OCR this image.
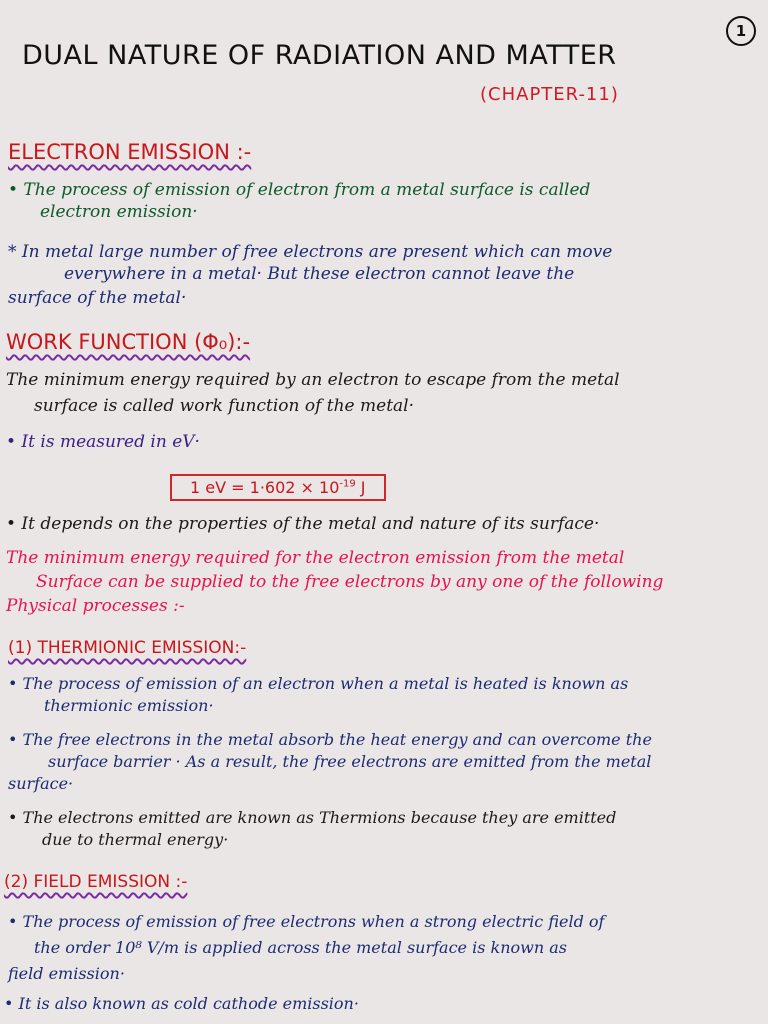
DUAL NATURE OF RADIATION AND MATTER
(CHAPTER-11)
1
ELECTRON EMISSION :-
• The process of emission of electron from a metal surface is called
electron emission·
* In metal large number of free electrons are present which can move
everywhere in a metal· But these electron cannot leave the
surface of the metal·
WORK FUNCTION (Φ₀):-
The minimum energy required by an electron to escape from the metal
surface is called work function of the metal·
• It is measured in eV·
1 eV = $1\cdot 602 \times 10^{-19}$ J
• It depends on the properties of the metal and nature of its surface·
The minimum energy required for the electron emission from the metal
Surface can be supplied to the free electrons by any one of the following
Physical processes :-
(1) THERMIONIC EMISSION:-
• The process of emission of an electron when a metal is heated is known as
thermionic emission·
• The free electrons in the metal absorb the heat energy and can overcome the
surface barrier · As a result, the free electrons are emitted from the metal
surface·
• The electrons emitted are known as Thermions because they are emitted
due to thermal energy·
(2) FIELD EMISSION :-
• The process of emission of free electrons when a strong electric field of
the order 10⁸ V/m is applied across the metal surface is known as
field emission·
• It is also known as cold cathode emission·
